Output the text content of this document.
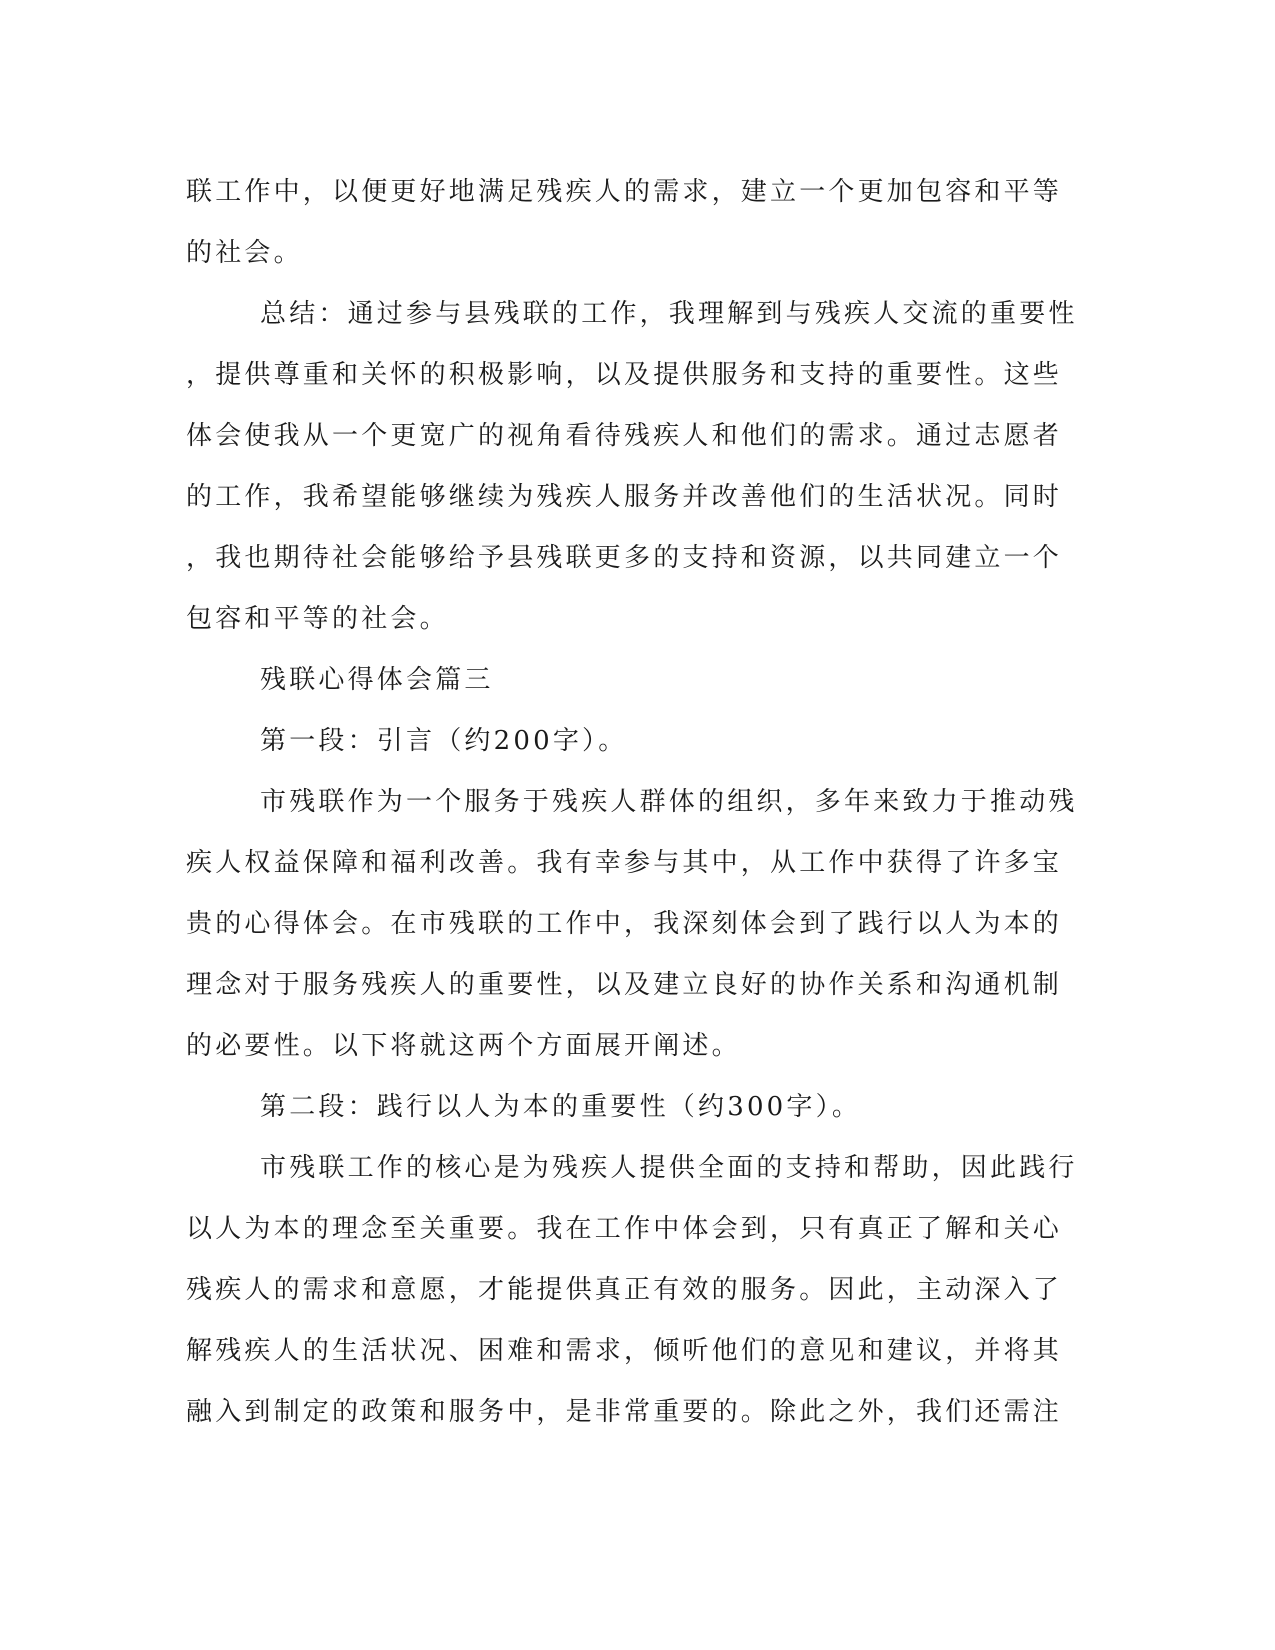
联工作中，以便更好地满足残疾人的需求，建立一个更加包容和平等
的社会。
总结：通过参与县残联的工作，我理解到与残疾人交流的重要性
，提供尊重和关怀的积极影响，以及提供服务和支持的重要性。这些
体会使我从一个更宽广的视角看待残疾人和他们的需求。通过志愿者
的工作，我希望能够继续为残疾人服务并改善他们的生活状况。同时
，我也期待社会能够给予县残联更多的支持和资源，以共同建立一个
包容和平等的社会。
残联心得体会篇三
第一段：引言（约200字）。
市残联作为一个服务于残疾人群体的组织，多年来致力于推动残
疾人权益保障和福利改善。我有幸参与其中，从工作中获得了许多宝
贵的心得体会。在市残联的工作中，我深刻体会到了践行以人为本的
理念对于服务残疾人的重要性，以及建立良好的协作关系和沟通机制
的必要性。以下将就这两个方面展开阐述。
第二段：践行以人为本的重要性（约300字）。
市残联工作的核心是为残疾人提供全面的支持和帮助，因此践行
以人为本的理念至关重要。我在工作中体会到，只有真正了解和关心
残疾人的需求和意愿，才能提供真正有效的服务。因此，主动深入了
解残疾人的生活状况、困难和需求，倾听他们的意见和建议，并将其
融入到制定的政策和服务中，是非常重要的。除此之外，我们还需注
